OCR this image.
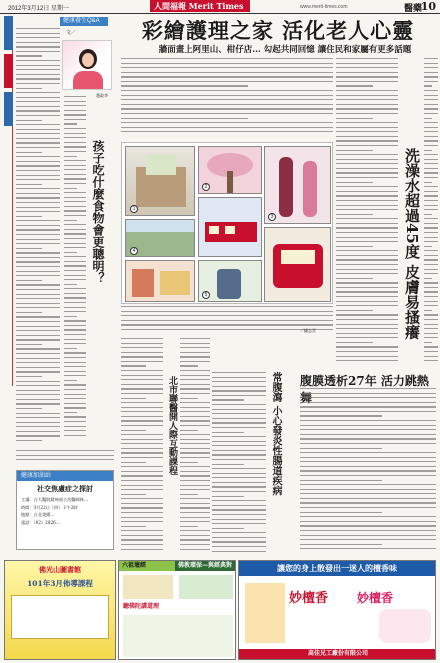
2012年3月12日 星期一	人間福報 Merit Times	www.merit-times.com	醫藥
10
健康養生Q&A
文／
趙政李
孩子吃什麼食物會更聰明？
彩繪護理之家 活化老人心靈
牆面畫上阿里山、柑仔店… 勾起共同回憶 讓住民和家屬有更多話題
1
2
3
4
5
／鍾志雲	洗澡水超過45度 皮膚易搔癢
腹膜透析27年 活力跳熱
常腹瀉 小心發炎性腸道疾病
北市聯醫開人際互動課程
健康加油站
社交焦慮症之探討
主講：台大醫院精神部主治醫師林…
時間：3月22日（四）下午2時
地點：台北榮總…
電話：（02）2826…
佛光山圖書館
101年3月佈導課程
六祖壇經	佛教環保—與經典對
聽佛陀講道理
讓您的身上散發出一迷人的檀香味
妙檀香 妙檀香
高佳兄工廠份有限公司
